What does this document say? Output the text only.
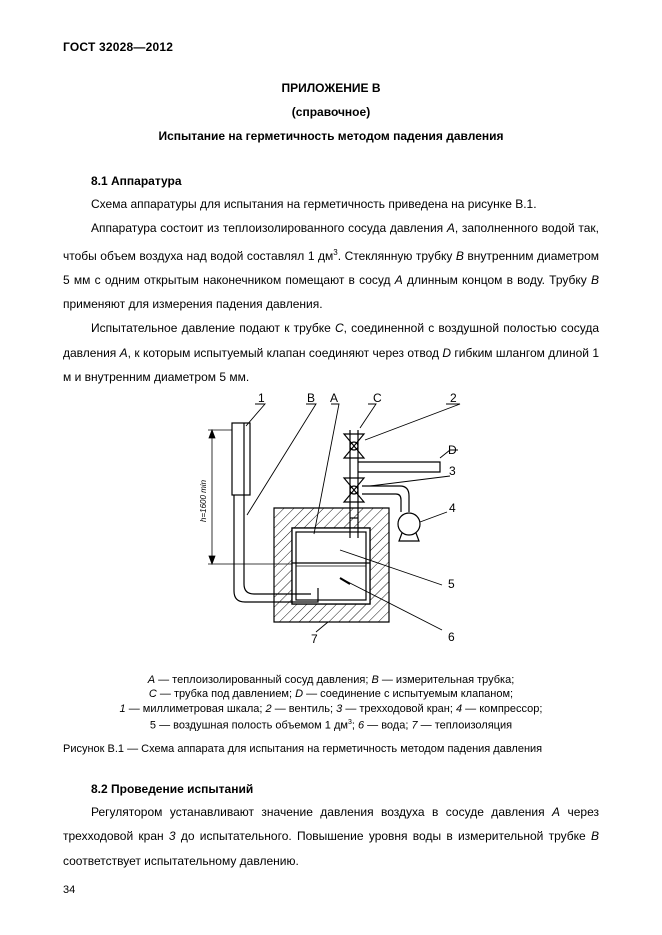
ГОСТ 32028—2012
ПРИЛОЖЕНИЕ В
(справочное)
Испытание на герметичность методом падения давления
8.1 Аппаратура

Схема аппаратуры для испытания на герметичность приведена на рисунке В.1.

Аппаратура состоит из теплоизолированного сосуда давления А, заполненного водой так, чтобы объем воздуха над водой составлял 1 $дм^3$. Стеклянную трубку В внутренним диаметром 5 мм с одним открытым наконечником помещают в сосуд А длинным концом в воду. Трубку В применяют для измерения падения давления.

Испытательное давление подают к трубке С, соединенной с воздушной полостью сосуда давления А, к которым испытуемый клапан соединяют через отвод D гибким шлангом длиной 1 м и внутренним диаметром 5 мм.

1	В А	С	2
D
3
4
5
6
7
h=1600 min
А — теплоизолированный сосуд давления; В — измерительная трубка;
С — трубка под давлением; D — соединение с испытуемым клапаном;
1 — миллиметровая шкала; 2 — вентиль; 3 — трехходовой кран; 4 — компрессор;
5 — воздушная полость объемом 1 $дм^3$; 6 — вода; 7 — теплоизоляция
Рисунок В.1 — Схема аппарата для испытания на герметичность методом падения давления
8.2 Проведение испытаний

Регулятором устанавливают значение давления воздуха в сосуде давления А через трехходовой кран 3 до испытательного. Повышение уровня воды в измерительной трубке В соответствует испытательному давлению.

34
